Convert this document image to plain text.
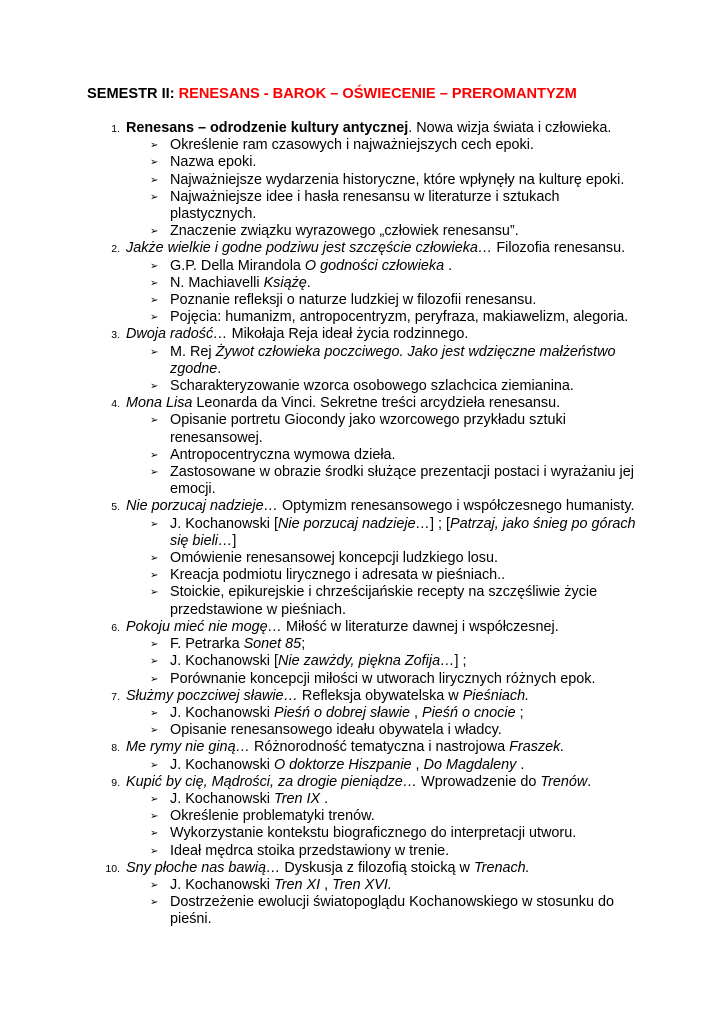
SEMESTR II: RENESANS - BAROK – OŚWIECENIE – PREROMANTYZM
1. Renesans – odrodzenie kultury antycznej. Nowa wizja świata i człowieka.
➢ Określenie ram czasowych i najważniejszych cech epoki.
➢ Nazwa epoki.
➢ Najważniejsze wydarzenia historyczne, które wpłynęły na kulturę epoki.
➢ Najważniejsze idee i hasła renesansu w literaturze i sztukach plastycznych.
➢ Znaczenie związku wyrazowego „człowiek renesansu”.
2. Jakże wielkie i godne podziwu jest szczęście człowieka… Filozofia renesansu.
➢ G.P. Della Mirandola O godności człowieka .
➢ N. Machiavelli Książę.
➢ Poznanie refleksji o naturze ludzkiej w filozofii renesansu.
➢ Pojęcia: humanizm, antropocentryzm, peryfraza, makiawelizm, alegoria.
3. Dwoja radość… Mikołaja Reja ideał życia rodzinnego.
➢ M. Rej Żywot człowieka poczciwego. Jako jest wdzięczne małżeństwo zgodne.
➢ Scharakteryzowanie wzorca osobowego szlachcica ziemianina.
4. Mona Lisa Leonarda da Vinci. Sekretne treści arcydzieła renesansu.
➢ Opisanie portretu Giocondy jako wzorcowego przykładu sztuki renesansowej.
➢ Antropocentryczna wymowa dzieła.
➢ Zastosowane w obrazie środki służące prezentacji postaci i wyrażaniu jej emocji.
5. Nie porzucaj nadzieje… Optymizm renesansowego i współczesnego humanisty.
➢ J. Kochanowski [Nie porzucaj nadzieje…] ; [Patrzaj, jako śnieg po górach się bieli…]
➢ Omówienie renesansowej koncepcji ludzkiego losu.
➢ Kreacja podmiotu lirycznego i adresata w pieśniach..
➢ Stoickie, epikurejskie i chrześcijańskie recepty na szczęśliwie życie przedstawione w pieśniach.
6. Pokoju mieć nie mogę… Miłość w literaturze dawnej i współczesnej.
➢ F. Petrarka Sonet 85;
➢ J. Kochanowski [Nie zawżdy, piękna Zofija…] ;
➢ Porównanie koncepcji miłości w utworach lirycznych różnych epok.
7. Służmy poczciwej sławie… Refleksja obywatelska w Pieśniach.
➢ J. Kochanowski Pieśń o dobrej sławie , Pieśń o cnocie ;
➢ Opisanie renesansowego ideału obywatela i władcy.
8. Me rymy nie giną… Różnorodność tematyczna i nastrojowa Fraszek.
➢ J. Kochanowski O doktorze Hiszpanie , Do Magdaleny .
9. Kupić by cię, Mądrości, za drogie pieniądze… Wprowadzenie do Trenów.
➢ J. Kochanowski Tren IX .
➢ Określenie problematyki trenów.
➢ Wykorzystanie kontekstu biograficznego do interpretacji utworu.
➢ Ideał mędrca stoika przedstawiony w trenie.
10. Sny płoche nas bawią… Dyskusja z filozofią stoicką w Trenach.
➢ J. Kochanowski Tren XI , Tren XVI.
➢ Dostrzeżenie ewolucji światopoglądu Kochanowskiego w stosunku do pieśni.
